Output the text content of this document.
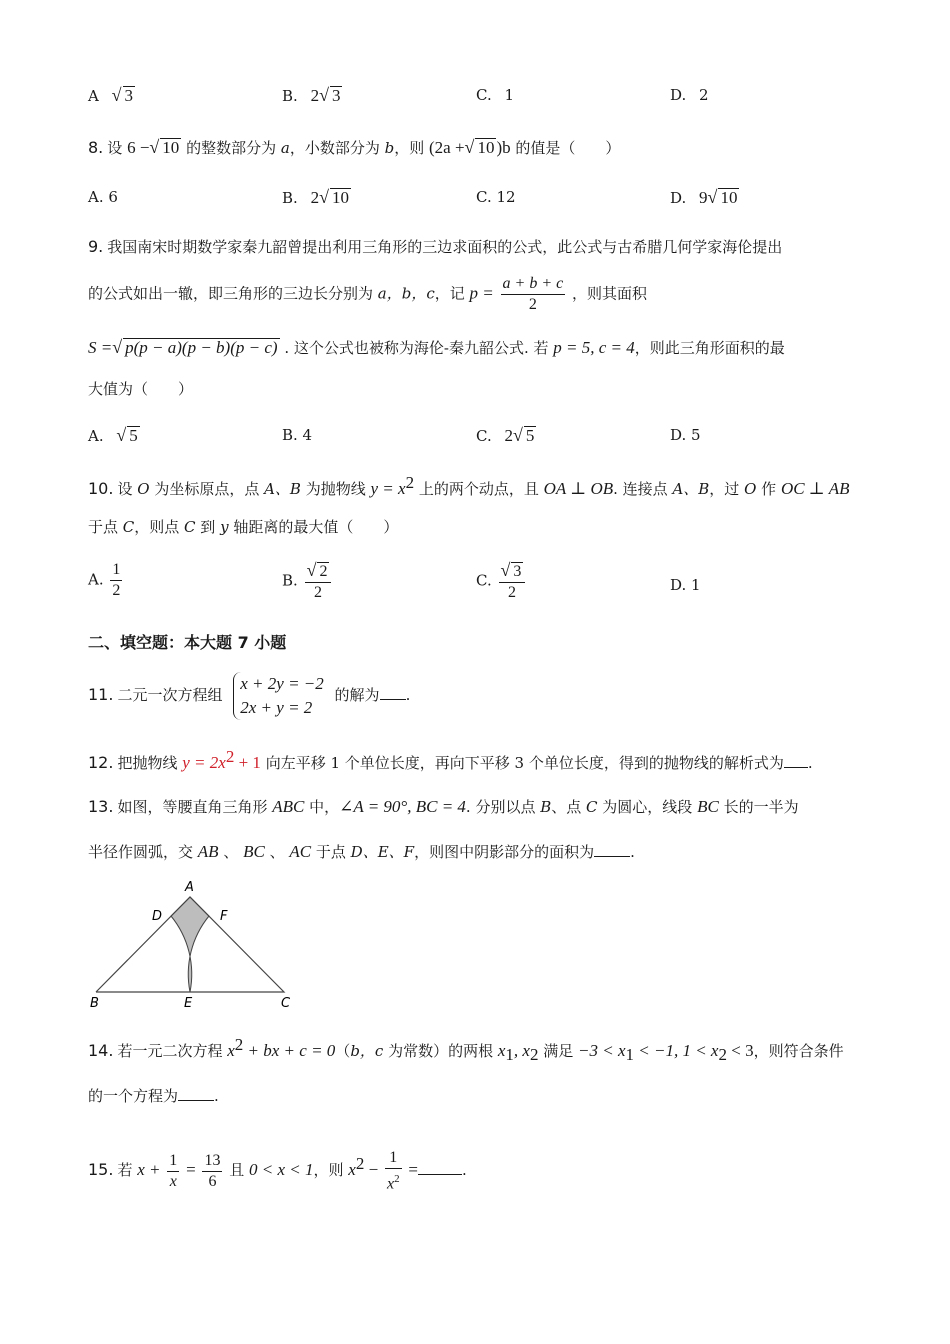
A √ 3	B. 2√ 3	C. 1	D. 2
8. 设 6 −√ 10 的整数部分为 a，小数部分为 b，则 (2a +√ 10 )b 的值是（　　）
A. 6	B. 2√ 10	C. 12	D. 9√ 10
9. 我国南宋时期数学家秦九韶曾提出利用三角形的三边求面积的公式，此公式与古希腊几何学家海伦提出
的公式如出一辙，即三角形的三边长分别为 a，b，c，记 $p = \frac{a + b + c}{2}$ ，则其面积
S =√ p(p − a)(p − b)(p − c) . 这个公式也被称为海伦-秦九韶公式. 若 p = 5, c = 4，则此三角形面积的最
大值为（　　）
A. √ 5	B. 4	C. 2√ 5	D. 5
10. 设 O 为坐标原点，点 A、B 为抛物线 $y = x^2$ 上的两个动点，且 OA ⊥ OB. 连接点 A、B，过 O 作 OC ⊥ AB
于点 C，则点 C 到 y 轴距离的最大值（　　）
A. $\frac{1}{2}$	B. $\frac{√ 2}{2}$	C. $\frac{√ 3}{2}$	D. 1
二、填空题：本大题 7 小题
11. 二元一次方程组
x + 2y = −2
2x + y = 2
的解为 .
12. 把抛物线 $y = 2x^2 + 1$ 向左平移 1 个单位长度，再向下平移 3 个单位长度，得到的抛物线的解析式为 .
13. 如图，等腰直角三角形 ABC 中，∠A = 90°, BC = 4. 分别以点 B、点 C 为圆心，线段 BC 长的一半为
半径作圆弧，交 AB 、 BC 、 AC 于点 D、E、F，则图中阴影部分的面积为 .
A
D	F
B	E	C
14. 若一元二次方程 $x^2$ + bx + c = 0（b，c 为常数）的两根 $x_1$, $x_2$ 满足 $-3 < x_1 < -1$, $1 < x_2 < 3$，则符合条件
的一个方程为 .
15. 若 $x + \frac{1}{x} = \frac{13}{6}$ 且 0 < x < 1，则 $x^2 - \frac{1}{x^2}$ =	.
